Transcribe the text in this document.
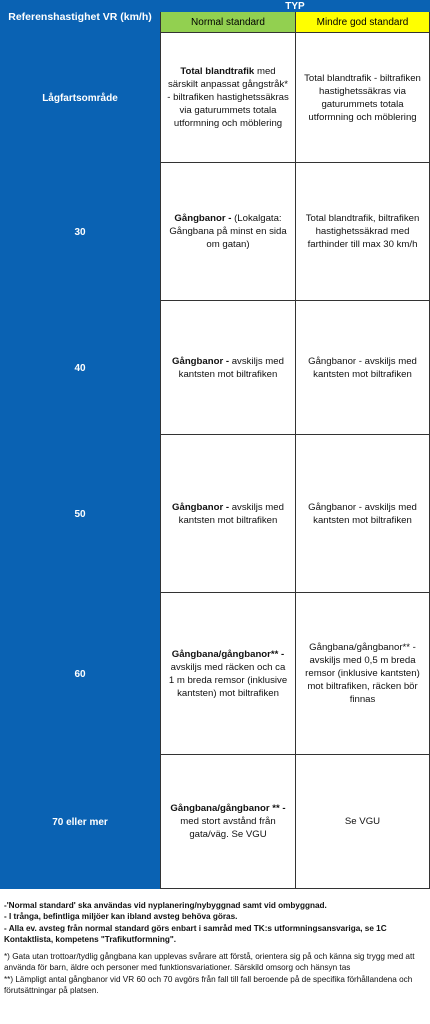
Referenshastighet VR (km/h)
TYP
Normal standard	Mindre god standard
Lågfartsområde
Total blandtrafik med särskilt anpassat gångstråk* - biltrafiken hastighetssäkras via gaturummets totala utformning och möblering
Total blandtrafik - biltrafiken hastighetssäkras via gaturummets totala utformning och möblering
30
Gångbanor - (Lokalgata: Gångbana på minst en sida om gatan)
Total blandtrafik, biltrafiken hastighetssäkrad med farthinder till max 30 km/h
40
Gångbanor - avskiljs med kantsten mot biltrafiken
Gångbanor - avskiljs med kantsten mot biltrafiken
50
Gångbanor - avskiljs med kantsten mot biltrafiken
Gångbanor - avskiljs med kantsten mot biltrafiken
60
Gångbana/gångbanor** - avskiljs med räcken och ca 1 m breda remsor (inklusive kantsten) mot biltrafiken
Gångbana/gångbanor** - avskiljs med 0,5 m breda remsor (inklusive kantsten) mot biltrafiken, räcken bör finnas
70 eller mer
Gångbana/gångbanor ** - med stort avstånd från gata/väg. Se VGU
Se VGU
-'Normal standard' ska användas vid nyplanering/nybyggnad samt vid ombyggnad.
- I trånga, befintliga miljöer kan ibland avsteg behöva göras.
- Alla ev. avsteg från normal standard görs enbart i samråd med TK:s utformningsansvariga, se 1C Kontaktlista, kompetens "Trafikutformning".
*) Gata utan trottoar/tydlig gångbana kan upplevas svårare att förstå, orientera sig på och känna sig trygg med att använda för barn, äldre och personer med funktionsvariationer. Särskild omsorg och hänsyn tas
**) Lämpligt antal gångbanor vid VR 60 och 70 avgörs från fall till fall beroende på de specifika förhållandena och förutsättningar på platsen.
